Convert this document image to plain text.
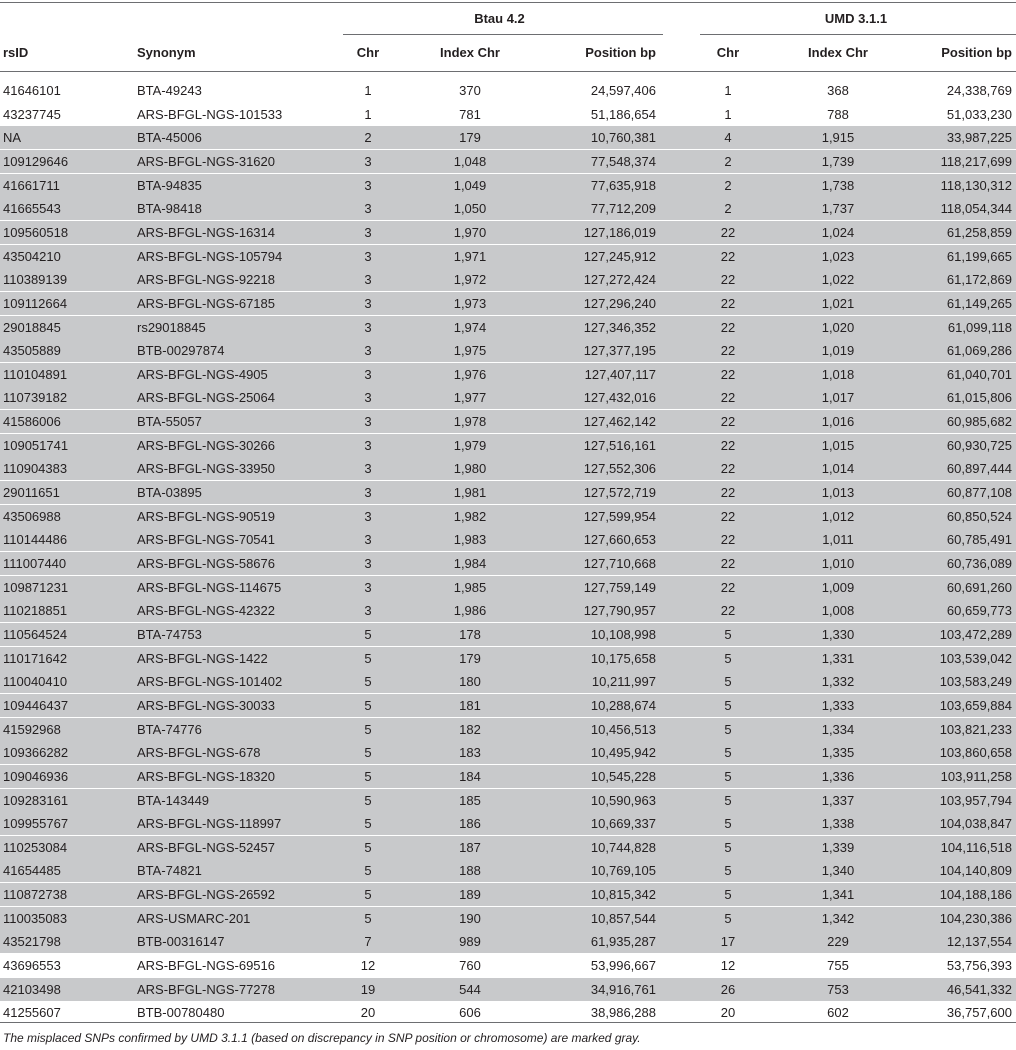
Btau 4.2	UMD 3.1.1
rsID	Synonym	Chr	Index Chr	Position bp	Chr	Index Chr	Position bp
41646101	BTA-49243	1	370	24,597,406	1	368	24,338,769
43237745	ARS-BFGL-NGS-101533	1	781	51,186,654	1	788	51,033,230
NA	BTA-45006	2	179	10,760,381	4	1,915	33,987,225
109129646	ARS-BFGL-NGS-31620	3	1,048	77,548,374	2	1,739	118,217,699
41661711	BTA-94835	3	1,049	77,635,918	2	1,738	118,130,312
41665543	BTA-98418	3	1,050	77,712,209	2	1,737	118,054,344
109560518	ARS-BFGL-NGS-16314	3	1,970	127,186,019	22	1,024	61,258,859
43504210	ARS-BFGL-NGS-105794	3	1,971	127,245,912	22	1,023	61,199,665
110389139	ARS-BFGL-NGS-92218	3	1,972	127,272,424	22	1,022	61,172,869
109112664	ARS-BFGL-NGS-67185	3	1,973	127,296,240	22	1,021	61,149,265
29018845	rs29018845	3	1,974	127,346,352	22	1,020	61,099,118
43505889	BTB-00297874	3	1,975	127,377,195	22	1,019	61,069,286
110104891	ARS-BFGL-NGS-4905	3	1,976	127,407,117	22	1,018	61,040,701
110739182	ARS-BFGL-NGS-25064	3	1,977	127,432,016	22	1,017	61,015,806
41586006	BTA-55057	3	1,978	127,462,142	22	1,016	60,985,682
109051741	ARS-BFGL-NGS-30266	3	1,979	127,516,161	22	1,015	60,930,725
110904383	ARS-BFGL-NGS-33950	3	1,980	127,552,306	22	1,014	60,897,444
29011651	BTA-03895	3	1,981	127,572,719	22	1,013	60,877,108
43506988	ARS-BFGL-NGS-90519	3	1,982	127,599,954	22	1,012	60,850,524
110144486	ARS-BFGL-NGS-70541	3	1,983	127,660,653	22	1,011	60,785,491
111007440	ARS-BFGL-NGS-58676	3	1,984	127,710,668	22	1,010	60,736,089
109871231	ARS-BFGL-NGS-114675	3	1,985	127,759,149	22	1,009	60,691,260
110218851	ARS-BFGL-NGS-42322	3	1,986	127,790,957	22	1,008	60,659,773
110564524	BTA-74753	5	178	10,108,998	5	1,330	103,472,289
110171642	ARS-BFGL-NGS-1422	5	179	10,175,658	5	1,331	103,539,042
110040410	ARS-BFGL-NGS-101402	5	180	10,211,997	5	1,332	103,583,249
109446437	ARS-BFGL-NGS-30033	5	181	10,288,674	5	1,333	103,659,884
41592968	BTA-74776	5	182	10,456,513	5	1,334	103,821,233
109366282	ARS-BFGL-NGS-678	5	183	10,495,942	5	1,335	103,860,658
109046936	ARS-BFGL-NGS-18320	5	184	10,545,228	5	1,336	103,911,258
109283161	BTA-143449	5	185	10,590,963	5	1,337	103,957,794
109955767	ARS-BFGL-NGS-118997	5	186	10,669,337	5	1,338	104,038,847
110253084	ARS-BFGL-NGS-52457	5	187	10,744,828	5	1,339	104,116,518
41654485	BTA-74821	5	188	10,769,105	5	1,340	104,140,809
110872738	ARS-BFGL-NGS-26592	5	189	10,815,342	5	1,341	104,188,186
110035083	ARS-USMARC-201	5	190	10,857,544	5	1,342	104,230,386
43521798	BTB-00316147	7	989	61,935,287	17	229	12,137,554
43696553	ARS-BFGL-NGS-69516	12	760	53,996,667	12	755	53,756,393
42103498	ARS-BFGL-NGS-77278	19	544	34,916,761	26	753	46,541,332
41255607	BTB-00780480	20	606	38,986,288	20	602	36,757,600
The misplaced SNPs confirmed by UMD 3.1.1 (based on discrepancy in SNP position or chromosome) are marked gray.
